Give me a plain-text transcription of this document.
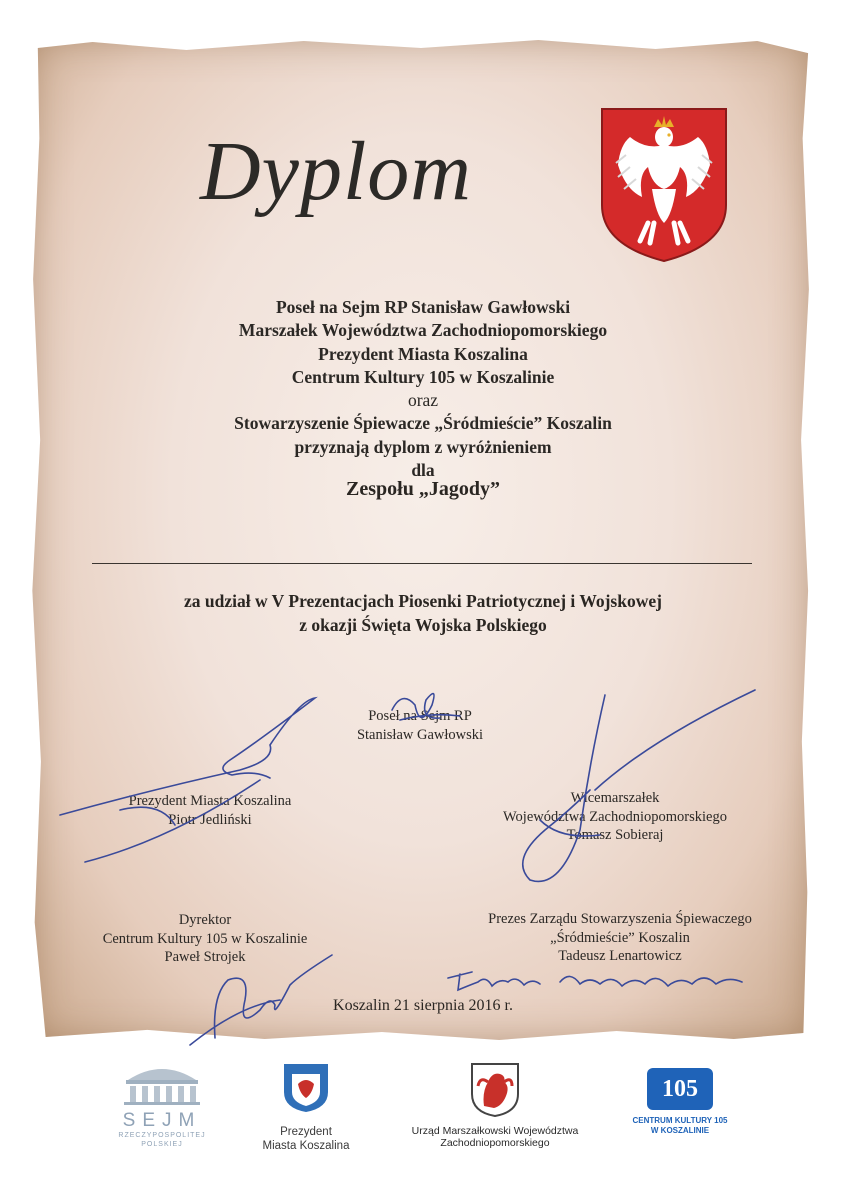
Dyplom
Poseł na Sejm RP Stanisław Gawłowski
Marszałek Województwa Zachodniopomorskiego
Prezydent Miasta Koszalina
Centrum Kultury 105 w Koszalinie
oraz
Stowarzyszenie Śpiewacze „Śródmieście” Koszalin
przyznają dyplom z wyróżnieniem
dla
Zespołu „Jagody”
za udział w V Prezentacjach Piosenki Patriotycznej i Wojskowej
z okazji Święta Wojska Polskiego
Poseł na Sejm RP
Stanisław Gawłowski
Prezydent Miasta Koszalina
Piotr Jedliński
Wicemarszałek
Województwa Zachodniopomorskiego
Tomasz Sobieraj
Dyrektor
Centrum Kultury 105 w Koszalinie
Paweł Strojek
Prezes Zarządu Stowarzyszenia Śpiewaczego
„Śródmieście” Koszalin
Tadeusz Lenartowicz
Koszalin 21 sierpnia 2016 r.
SEJM
RZECZYPOSPOLITEJ
POLSKIEJ
Prezydent
Miasta Koszalina
Urząd Marszałkowski Województwa
Zachodniopomorskiego
105
CENTRUM KULTURY 105
W KOSZALINIE
